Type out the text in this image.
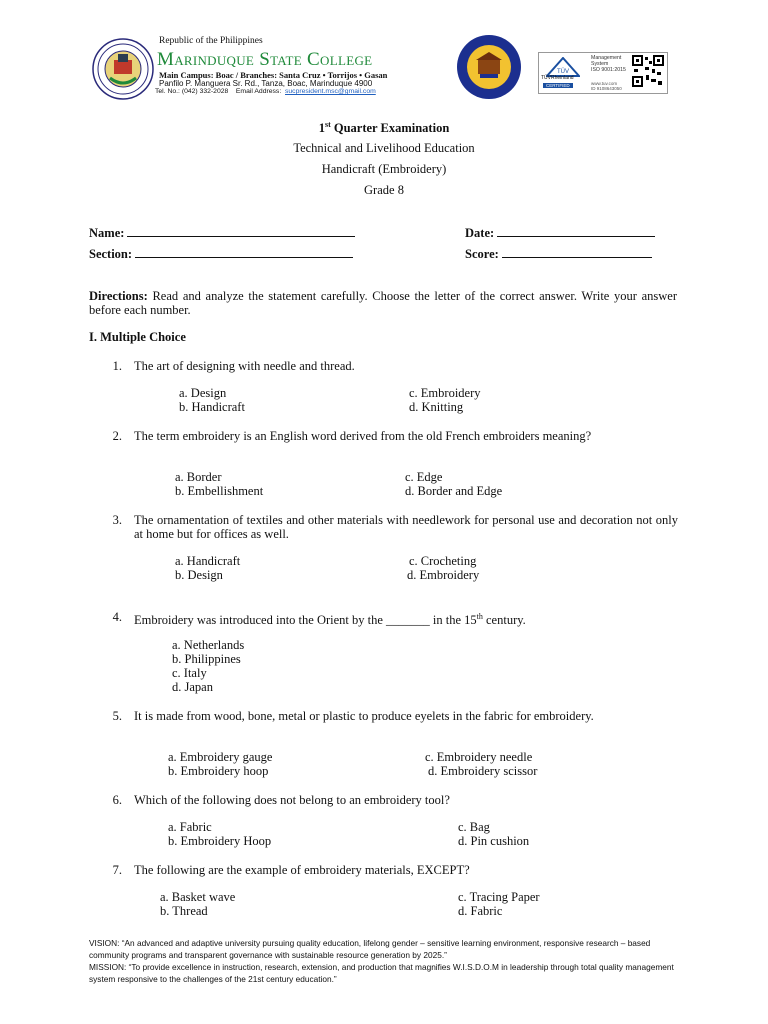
Republic of the Philippines
Marinduque State College
Main Campus: Boac / Branches: Santa Cruz • Torrijos • Gasan
Panfilo P. Manguera Sr. Rd., Tanza, Boac, Marinduque 4900
Tel. No.: (042) 332-2028 Email Address: sucpresident.msc@gmail.com
TÜV
TÜVRheinland
CERTIFIED
Management
System
ISO 9001:2015
www.tuv.com
ID 9108643050
1st Quarter Examination
Technical and Livelihood Education
Handicraft (Embroidery)
Grade 8
Name:	Date:
Section:	Score:
Directions: Read and analyze the statement carefully. Choose the letter of the correct answer. Write your answer before each number.
I. Multiple Choice
1. The art of designing with needle and thread.
a. Design
b. Handicraft
c. Embroidery
d. Knitting
2. The term embroidery is an English word derived from the old French embroiders meaning?
a. Border
b. Embellishment
c. Edge
d. Border and Edge
3. The ornamentation of textiles and other materials with needlework for personal use and decoration not only at home but for offices as well.
a. Handicraft
b. Design
c. Crocheting
d. Embroidery
4. Embroidery was introduced into the Orient by the _______ in the 15th century.
a. Netherlands
b. Philippines
c. Italy
d. Japan
5. It is made from wood, bone, metal or plastic to produce eyelets in the fabric for embroidery.
a. Embroidery gauge
b. Embroidery hoop
c. Embroidery needle
d. Embroidery scissor
6. Which of the following does not belong to an embroidery tool?
a. Fabric
b. Embroidery Hoop
c. Bag
d. Pin cushion
7. The following are the example of embroidery materials, EXCEPT?
a. Basket wave
b. Thread
c. Tracing Paper
d. Fabric
VISION: “An advanced and adaptive university pursuing quality education, lifelong gender – sensitive learning environment, responsive research – based community programs and transparent governance with sustainable resource generation by 2025.”
MISSION: “To provide excellence in instruction, research, extension, and production that magnifies W.I.S.D.O.M in leadership through total quality management system responsive to the challenges of the 21st century education.”
